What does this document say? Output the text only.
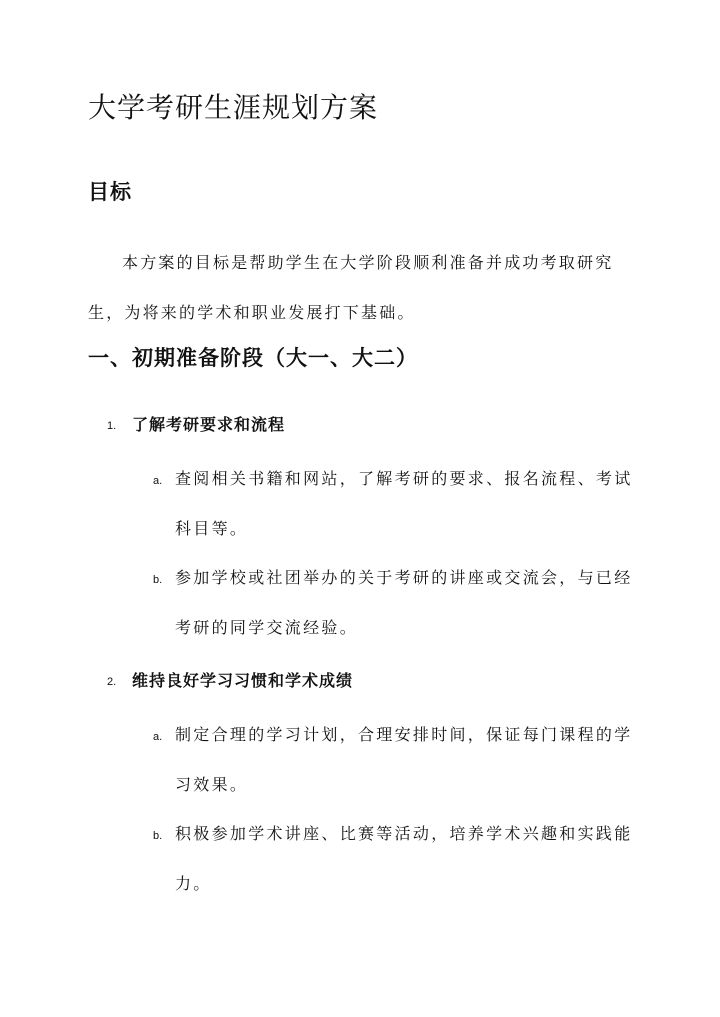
大学考研生涯规划方案
目标

本方案的目标是帮助学生在大学阶段顺利准备并成功考取研究生，为将来的学术和职业发展打下基础。

一、初期准备阶段（大一、大二）
1. 了解考研要求和流程
a. 查阅相关书籍和网站，了解考研的要求、报名流程、考试科目等。

b. 参加学校或社团举办的关于考研的讲座或交流会，与已经考研的同学交流经验。

2. 维持良好学习习惯和学术成绩
a. 制定合理的学习计划，合理安排时间，保证每门课程的学习效果。

b. 积极参加学术讲座、比赛等活动，培养学术兴趣和实践能力。
